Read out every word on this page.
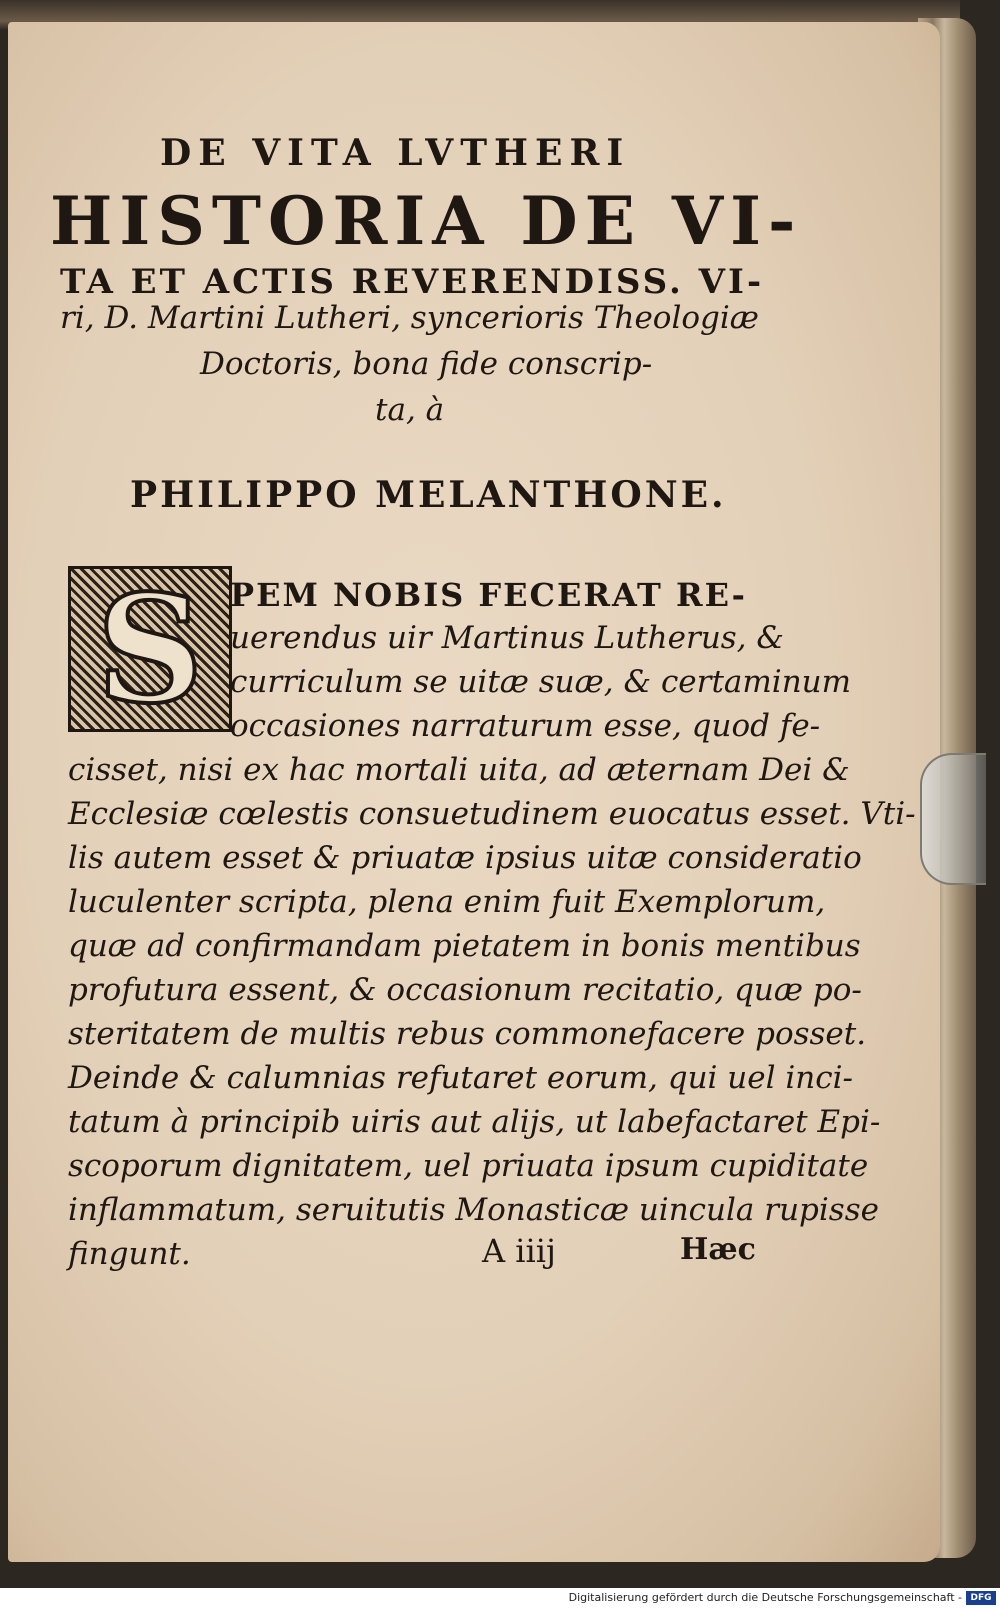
DE VITA LVTHERI
HISTORIA DE VI-
TA ET ACTIS REVERENDISS. VI-
ri, D. Martini Lutheri, syncerioris Theologiæ
Doctoris, bona fide conscrip-
ta, à
PHILIPPO MELANTHONE.
S PEM NOBIS FECERAT RE-
uerendus uir Martinus Lutherus, &
curriculum se uitæ suæ, & certaminum
occasiones narraturum esse, quod fe-
cisset, nisi ex hac mortali uita, ad æternam Dei &
Ecclesiæ cœlestis consuetudinem euocatus esset. Vti-
lis autem esset & priuatæ ipsius uitæ consideratio
luculenter scripta, plena enim fuit Exemplorum,
quæ ad confirmandam pietatem in bonis mentibus
profutura essent, & occasionum recitatio, quæ po-
steritatem de multis rebus commonefacere posset.
Deinde & calumnias refutaret eorum, qui uel inci-
tatum à principib uiris aut alijs, ut labefactaret Epi-
scoporum dignitatem, uel priuata ipsum cupiditate
inflammatum, seruitutis Monasticæ uincula rupisse
fingunt.	A iiij	Hæc
Digitalisierung gefördert durch die Deutsche Forschungsgemeinschaft - DFG
